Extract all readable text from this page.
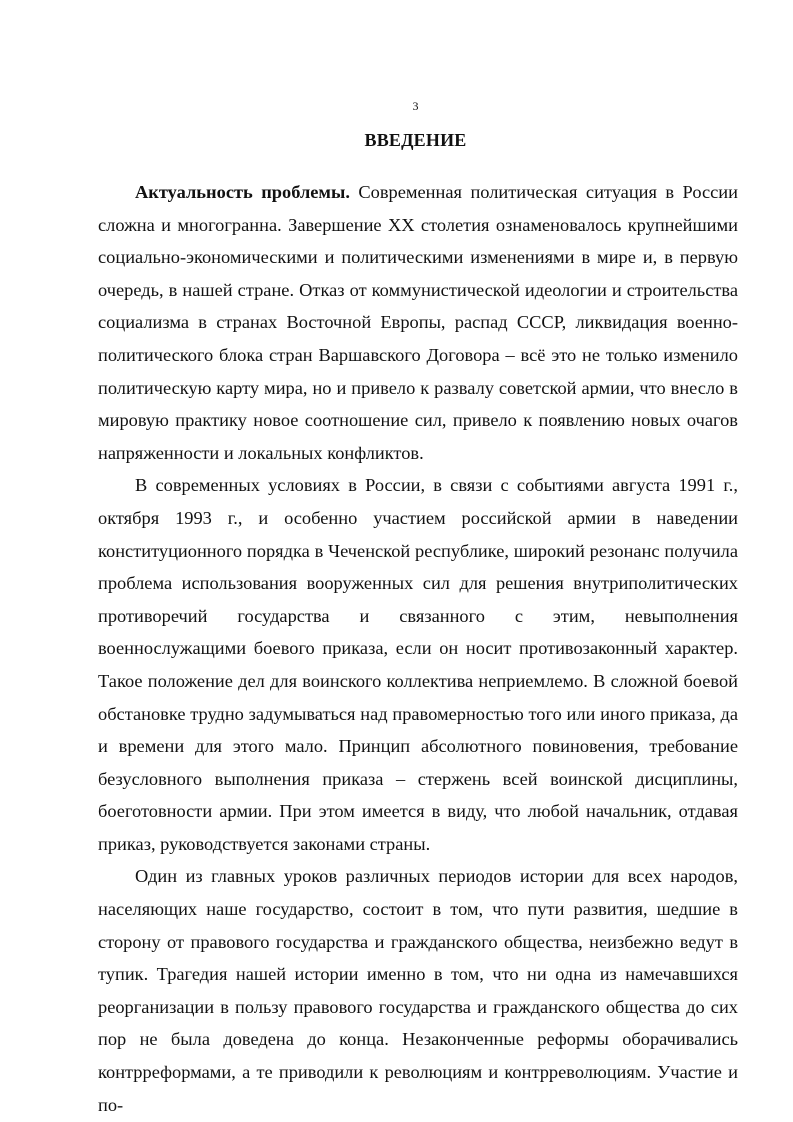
3
ВВЕДЕНИЕ

Актуальность проблемы. Современная политическая ситуация в России сложна и многогранна. Завершение XX столетия ознаменовалось крупнейшими социально-экономическими и политическими изменениями в мире и, в первую очередь, в нашей стране. Отказ от коммунистической идеологии и строительства социализма в странах Восточной Европы, распад СССР, ликвидация военно-политического блока стран Варшавского Договора – всё это не только изменило политическую карту мира, но и привело к развалу советской армии, что внесло в мировую практику новое соотношение сил, привело к появлению новых очагов напряженности и локальных конфликтов.

В современных условиях в России, в связи с событиями августа 1991 г., октября 1993 г., и особенно участием российской армии в наведении конституционного порядка в Чеченской республике, широкий резонанс получила проблема использования вооруженных сил для решения внутриполитических противоречий государства и связанного с этим, невыполнения военнослужащими боевого приказа, если он носит противозаконный характер. Такое положение дел для воинского коллектива неприемлемо. В сложной боевой обстановке трудно задумываться над правомерностью того или иного приказа, да и времени для этого мало. Принцип абсолютного повиновения, требование безусловного выполнения приказа – стержень всей воинской дисциплины, боеготовности армии. При этом имеется в виду, что любой начальник, отдавая приказ, руководствуется законами страны.

Один из главных уроков различных периодов истории для всех народов, населяющих наше государство, состоит в том, что пути развития, шедшие в сторону от правового государства и гражданского общества, неизбежно ведут в тупик. Трагедия нашей истории именно в том, что ни одна из намечавшихся реорганизации в пользу правового государства и гражданского общества до сих пор не была доведена до конца. Незаконченные реформы оборачивались контрреформами, а те приводили к революциям и контрреволюциям. Участие и по-
